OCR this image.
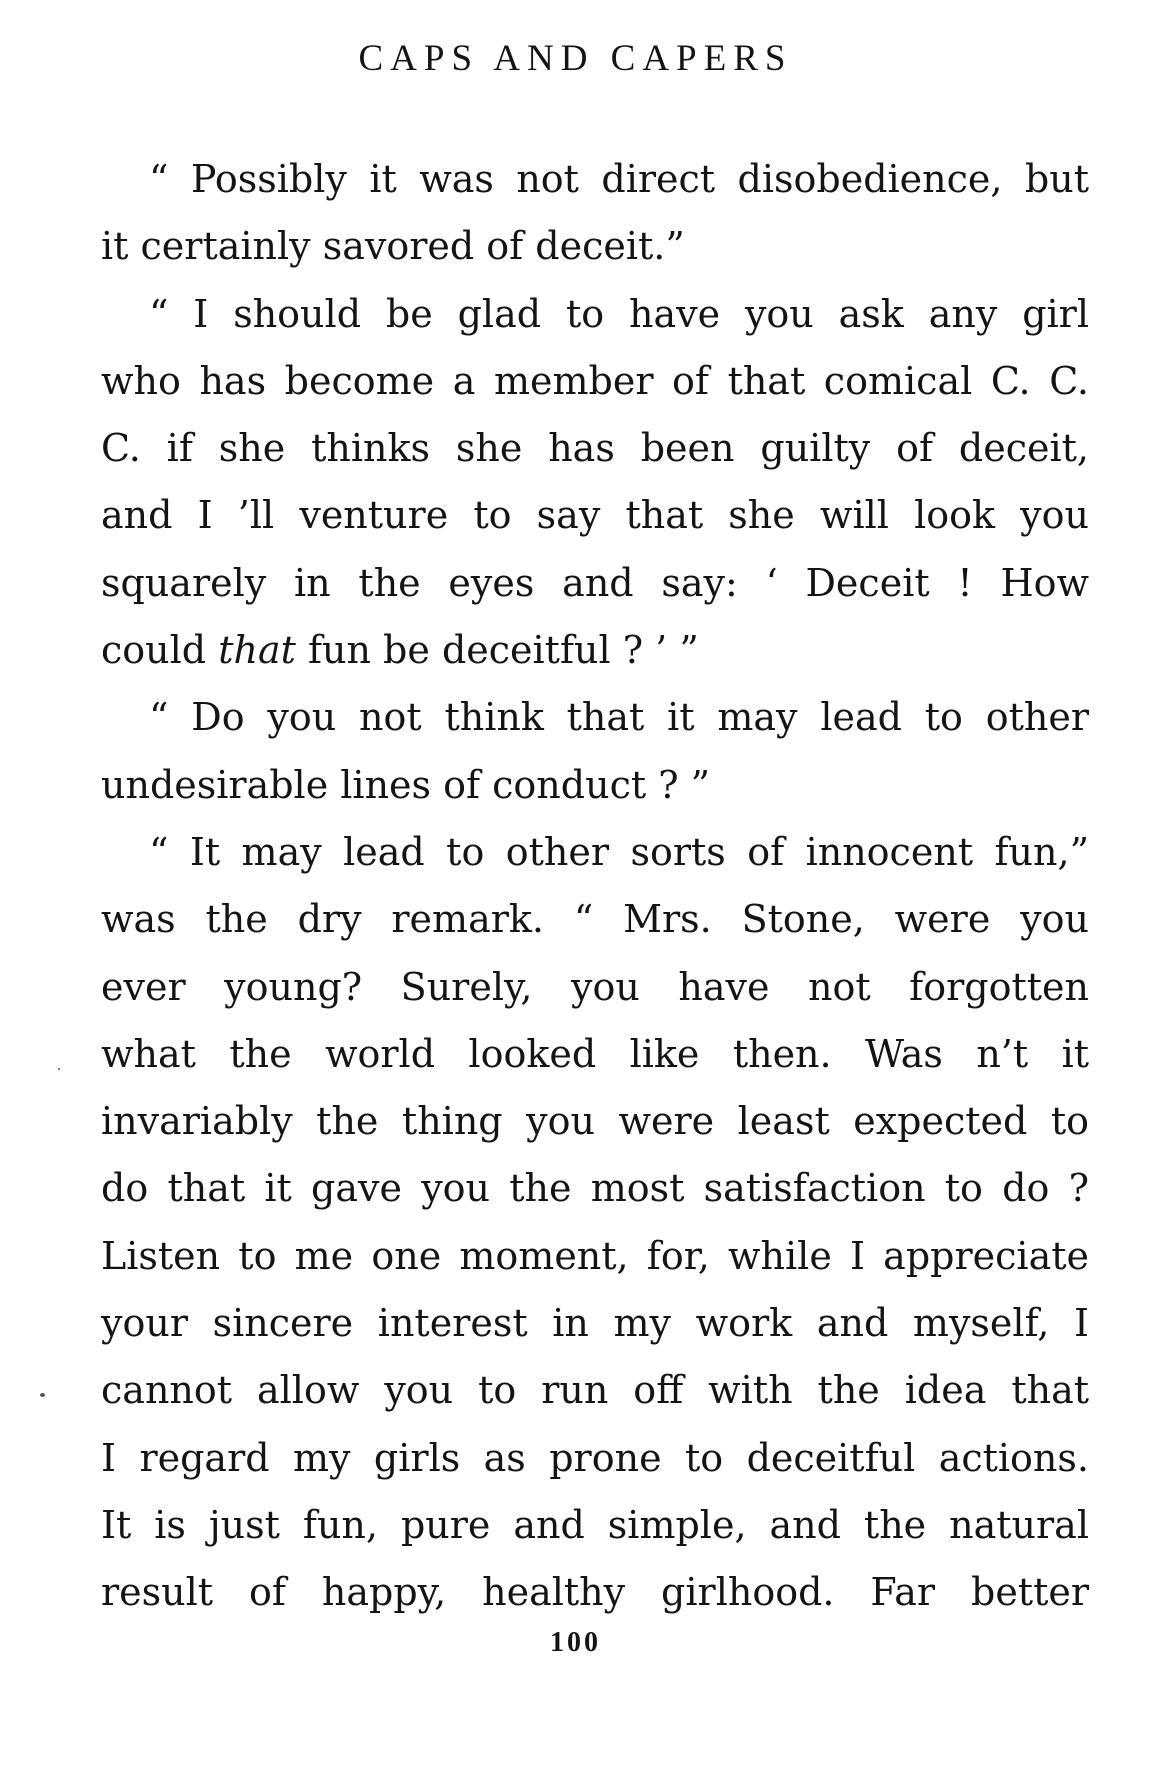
CAPS AND CAPERS
“ Possibly it was not direct disobedience, but
it certainly savored of deceit.”
“ I should be glad to have you ask any girl
who has become a member of that comical C. C.
C. if she thinks she has been guilty of deceit,
and I ’ll venture to say that she will look you
squarely in the eyes and say: ‘ Deceit ! How
could that fun be deceitful ? ’ ”
“ Do you not think that it may lead to other
undesirable lines of conduct ? ”
“ It may lead to other sorts of innocent fun,”
was the dry remark. “ Mrs. Stone, were you
ever young? Surely, you have not forgotten
what the world looked like then. Was n’t it
invariably the thing you were least expected to
do that it gave you the most satisfaction to do ?
Listen to me one moment, for, while I appreciate
your sincere interest in my work and myself, I
cannot allow you to run off with the idea that
I regard my girls as prone to deceitful actions.
It is just fun, pure and simple, and the natural
result of happy, healthy girlhood. Far better
100
